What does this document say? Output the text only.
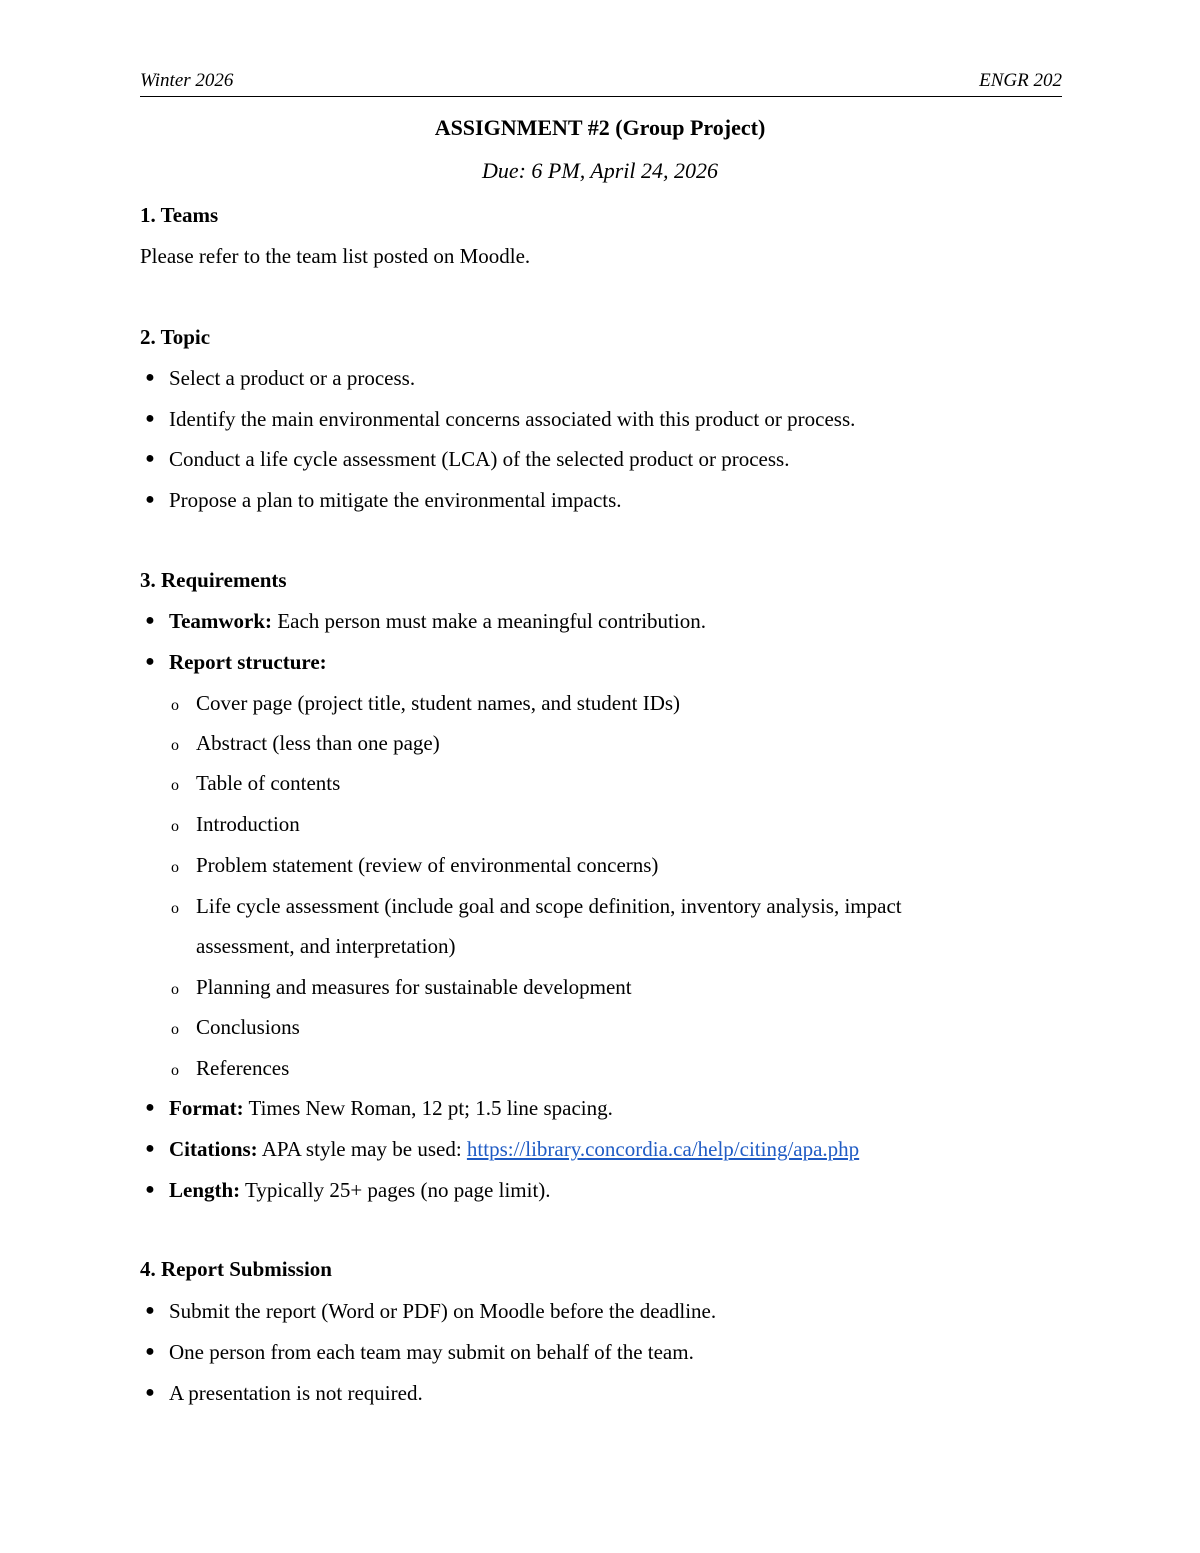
Winter 2026	ENGR 202
ASSIGNMENT #2 (Group Project)
Due: 6 PM, April 24, 2026
1. Teams
Please refer to the team list posted on Moodle.
2. Topic
● Select a product or a process.
● Identify the main environmental concerns associated with this product or process.
● Conduct a life cycle assessment (LCA) of the selected product or process.
● Propose a plan to mitigate the environmental impacts.
3. Requirements
● Teamwork: Each person must make a meaningful contribution.
● Report structure:
o Cover page (project title, student names, and student IDs)
o Abstract (less than one page)
o Table of contents
o Introduction
o Problem statement (review of environmental concerns)
o Life cycle assessment (include goal and scope definition, inventory analysis, impact
assessment, and interpretation)
o Planning and measures for sustainable development
o Conclusions
o References
● Format: Times New Roman, 12 pt; 1.5 line spacing.
● Citations: APA style may be used: https://library.concordia.ca/help/citing/apa.php
● Length: Typically 25+ pages (no page limit).
4. Report Submission
● Submit the report (Word or PDF) on Moodle before the deadline.
● One person from each team may submit on behalf of the team.
● A presentation is not required.
